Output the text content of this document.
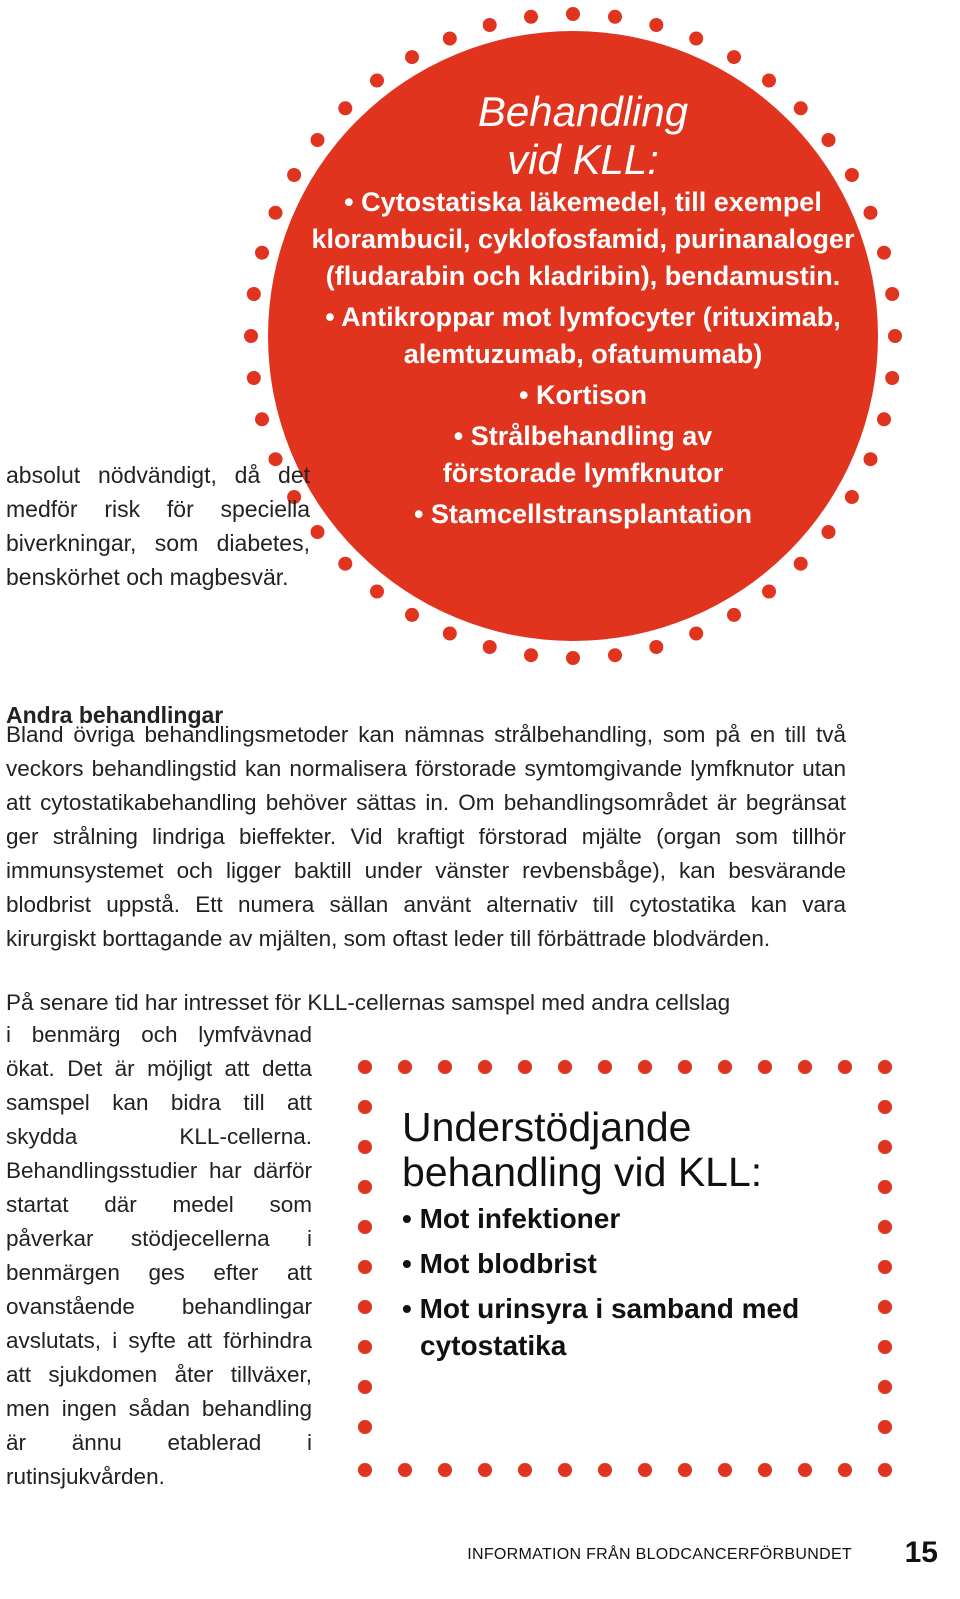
Behandling
vid KLL:
• Cytostatiska läkemedel, till exempel klorambucil, cyklofosfamid, purinanaloger (fludarabin och kladribin), bendamustin.
• Antikroppar mot lymfocyter (rituximab, alemtuzumab, ofatumumab)
• Kortison
• Strålbehandling av förstorade lymfknutor
• Stamcellstransplantation

absolut nödvändigt, då det medför risk för speciella biverkningar, som diabetes, benskörhet och magbesvär.

Andra behandlingar

Bland övriga behandlingsmetoder kan nämnas strålbehandling, som på en till två veckors behandlingstid kan normalisera förstorade symtomgivande lymfknutor utan att cytostatikabehandling behöver sättas in. Om behandlingsområdet är begränsat ger strålning lindriga bieffekter. Vid kraftigt förstorad mjälte (organ som tillhör immunsystemet och ligger baktill under vänster revbensbåge), kan besvärande blodbrist uppstå. Ett numera sällan använt alternativ till cytostatika kan vara kirurgiskt borttagande av mjälten, som oftast leder till förbättrade blodvärden.

På senare tid har intresset för KLL-cellernas samspel med andra cellslag

i benmärg och lymfvävnad ökat. Det är möjligt att detta samspel kan bidra till att skydda KLL-cellerna. Behandlingsstudier har därför startat där medel som påverkar stödjecellerna i benmärgen ges efter att ovanstående behandlingar avslutats, i syfte att förhindra att sjukdomen åter tillväxer, men ingen sådan behandling är ännu etablerad i rutinsjukvården.

Understödjande
behandling vid KLL:
• Mot infektioner
• Mot blodbrist
• Mot urinsyra i samband med cytostatika

INFORMATION FRÅN BLODCANCERFÖRBUNDET 15
